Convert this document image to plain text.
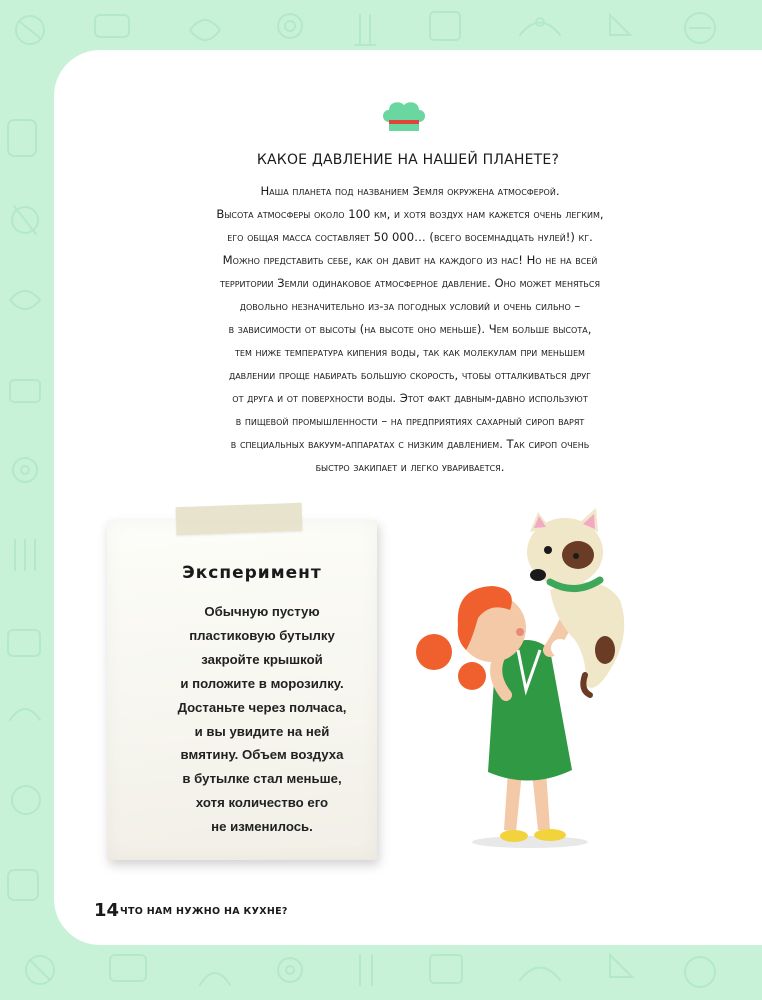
КАКОЕ ДАВЛЕНИЕ НА НАШЕЙ ПЛАНЕТЕ?

Наша планета под названием Земля окружена атмосферой.

Высота атмосферы около 100 км, и хотя воздух нам кажется очень легким,

его общая масса составляет 50 000… (всего восемнадцать нулей!) кг.

Можно представить себе, как он давит на каждого из нас! Но не на всей

территории Земли одинаковое атмосферное давление. Оно может меняться

довольно незначительно из-за погодных условий и очень сильно –

в зависимости от высоты (на высоте оно меньше). Чем больше высота,

тем ниже температура кипения воды, так как молекулам при меньшем

давлении проще набирать большую скорость, чтобы отталкиваться друг

от друга и от поверхности воды. Этот факт давным-давно используют

в пищевой промышленности – на предприятиях сахарный сироп варят

в специальных вакуум-аппаратах с низким давлением. Так сироп очень

быстро закипает и легко уваривается.

Эксперимент

Обычную пустую

пластиковую бутылку

закройте крышкой

и положите в морозилку.

Достаньте через полчаса,

и вы увидите на ней

вмятину. Объем воздуха

в бутылке стал меньше,

хотя количество его

не изменилось.

14 ЧТО НАМ НУЖНО НА КУХНЕ?
